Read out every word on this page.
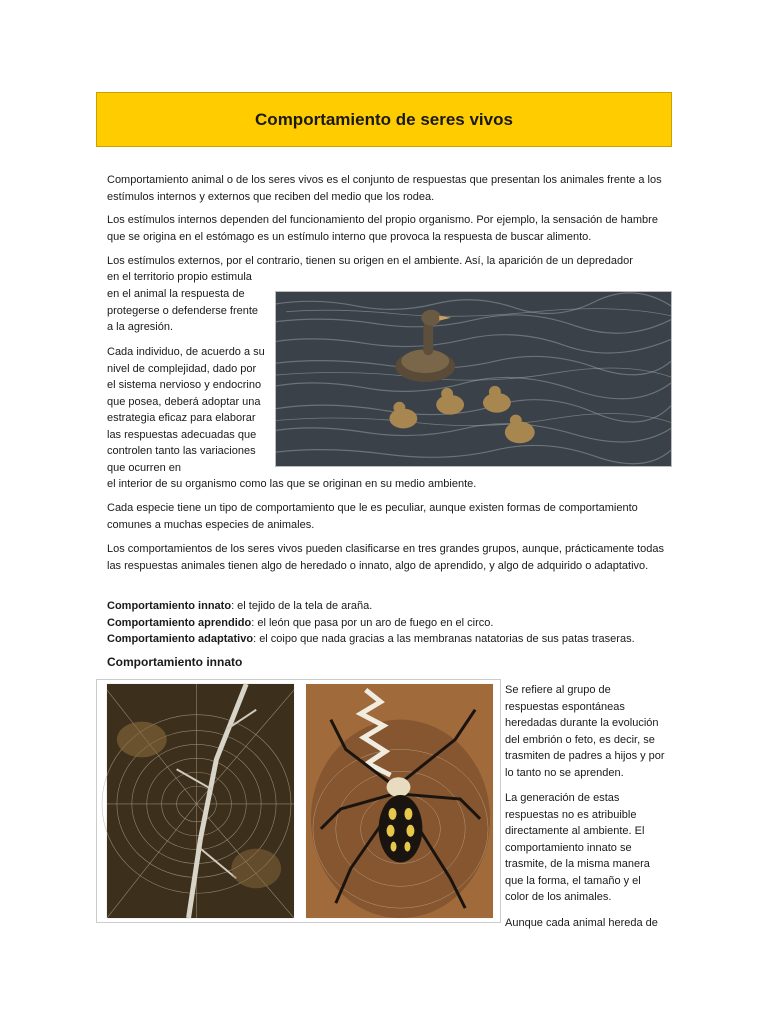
Comportamiento de seres vivos

Comportamiento animal o de los seres vivos es el conjunto de respuestas que presentan los animales frente a los estímulos internos y externos que reciben del medio que los rodea.

Los estímulos internos dependen del funcionamiento del propio organismo. Por ejemplo, la sensación de hambre que se origina en el estómago es un estímulo interno que provoca la respuesta de buscar alimento.

Los estímulos externos, por el contrario, tienen su origen en el ambiente. Así, la aparición de un depredador

en el territorio propio estimula

en el animal la respuesta de protegerse o defenderse frente a la agresión.

Cada individuo, de acuerdo a su nivel de complejidad, dado por el sistema nervioso y endocrino que posea, deberá adoptar una estrategia eficaz para elaborar las respuestas adecuadas que controlen tanto las variaciones que ocurren en

el interior de su organismo como las que se originan en su medio ambiente.

Cada especie tiene un tipo de comportamiento que le es peculiar, aunque existen formas de comportamiento comunes a muchas especies de animales.

Los comportamientos de los seres vivos pueden clasificarse en tres grandes grupos, aunque, prácticamente todas las respuestas animales tienen algo de heredado o innato, algo de aprendido, y algo de adquirido o adaptativo.

Comportamiento innato: el tejido de la tela de araña.
Comportamiento aprendido: el león que pasa por un aro de fuego en el circo.
Comportamiento adaptativo: el coipo que nada gracias a las membranas natatorias de sus patas traseras.
Comportamiento innato

Se refiere al grupo de respuestas espontáneas heredadas durante la evolución del embrión o feto, es decir, se trasmiten de padres a hijos y por lo tanto no se aprenden.

La generación de estas respuestas no es atribuible directamente al ambiente. El comportamiento innato se trasmite, de la misma manera que la forma, el tamaño y el color de los animales.

Aunque cada animal hereda de
